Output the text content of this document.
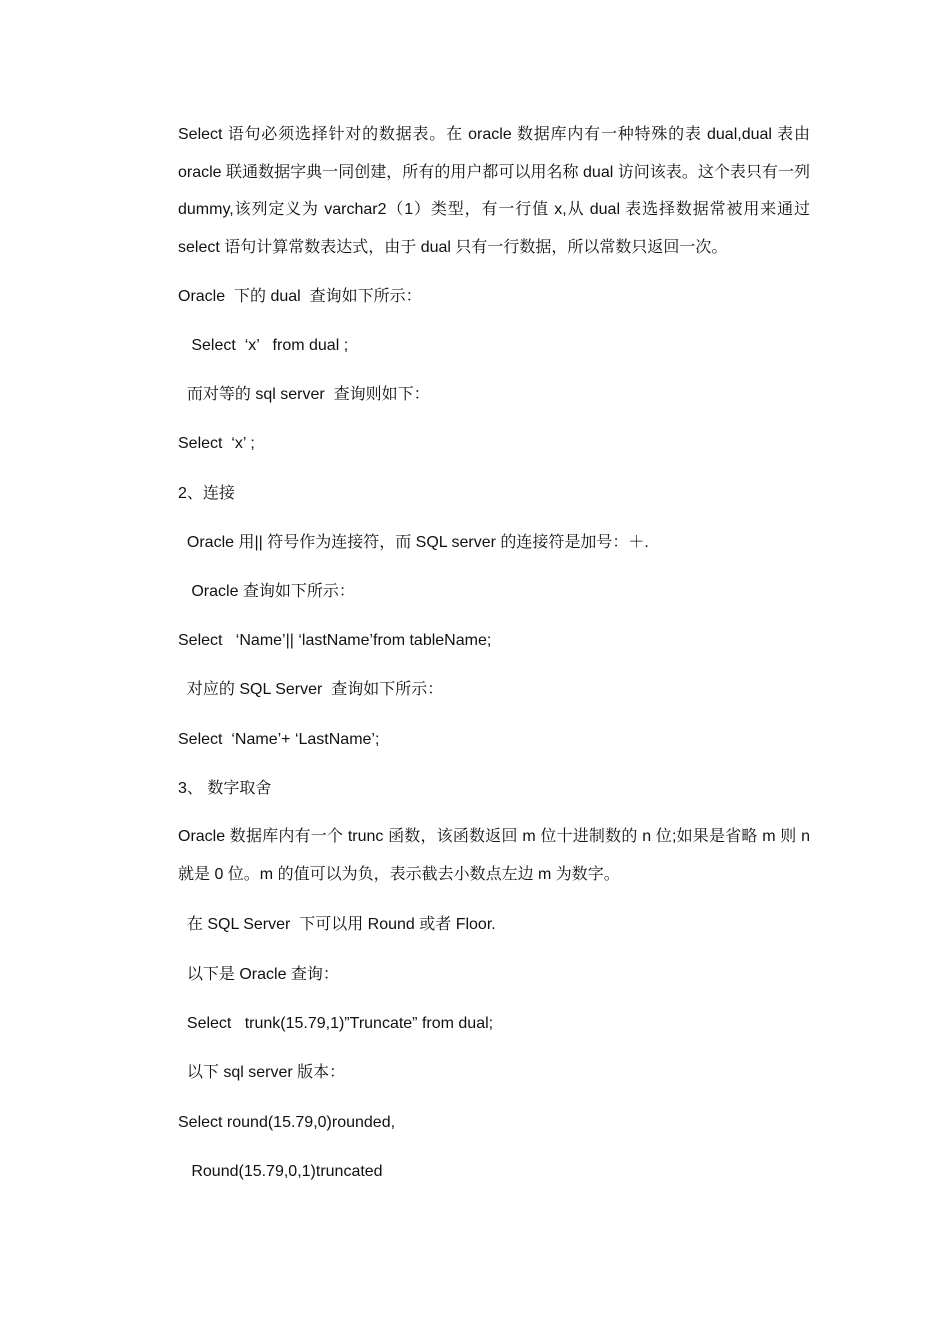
Select 语句必须选择针对的数据表。在 oracle 数据库内有一种特殊的表 dual,dual 表由 oracle 联通数据字典一同创建，所有的用户都可以用名称 dual 访问该表。这个表只有一列 dummy,该列定义为 varchar2（1）类型，有一行值 x,从 dual 表选择数据常被用来通过 select 语句计算常数表达式，由于 dual 只有一行数据，所以常数只返回一次。
Oracle  下的 dual  查询如下所示：
Select  ‘x’   from dual ;
而对等的 sql server  查询则如下：
Select  ‘x’ ;
2、连接
Oracle 用|| 符号作为连接符，而 SQL server 的连接符是加号：＋.
Oracle 查询如下所示：
Select   ‘Name’|| ‘lastName’from tableName;
对应的 SQL Server  查询如下所示：
Select  ‘Name’+ ‘LastName’;
3、 数字取舍
Oracle 数据库内有一个 trunc 函数，该函数返回 m 位十进制数的 n 位;如果是省略 m 则 n 就是 0 位。m 的值可以为负，表示截去小数点左边 m 为数字。
在 SQL Server  下可以用 Round 或者 Floor.
以下是 Oracle 查询：
Select   trunk(15.79,1)”Truncate” from dual;
以下 sql server 版本：
Select round(15.79,0)rounded,
Round(15.79,0,1)truncated
